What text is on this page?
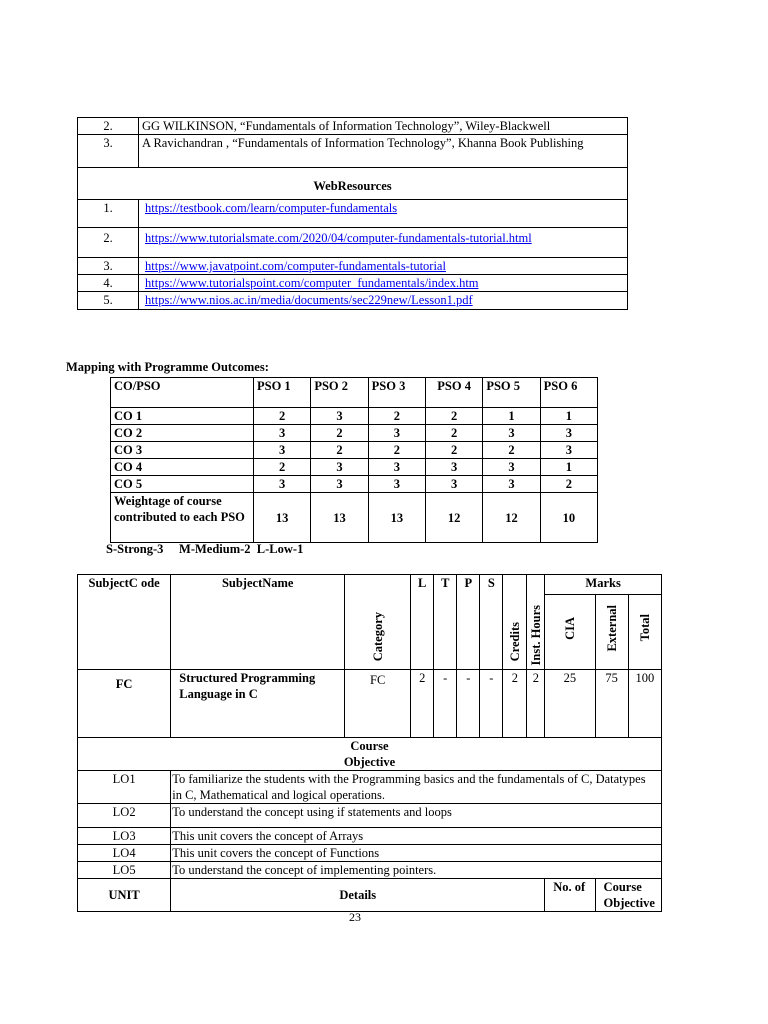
2.	GG WILKINSON, “Fundamentals of Information Technology”, Wiley-Blackwell
3.	A Ravichandran , “Fundamentals of Information Technology”, Khanna Book Publishing
WebResources	
1.	https://testbook.com/learn/computer-fundamentals
2.	https://www.tutorialsmate.com/2020/04/computer-fundamentals-tutorial.html
3.	https://www.javatpoint.com/computer-fundamentals-tutorial
4.	https://www.tutorialspoint.com/computer_fundamentals/index.htm
5.	https://www.nios.ac.in/media/documents/sec229new/Lesson1.pdf
Mapping with Programme Outcomes:
CO/PSO	PSO 1	PSO 2	PSO 3	PSO 4	PSO 5	PSO 6
CO 1	2	3	2	2	1	1
CO 2	3	2	3	2	3	3
CO 3	3	2	2	2	2	3
CO 4	2	3	3	3	3	1
CO 5	3	3	3	3	3	2
Weightage of course contributed to each PSO	13	13	13	12	12	10
S-Strong-3     M-Medium-2  L-Low-1
SubjectC ode	SubjectName	Category	L	T	P	S	Credits	Inst. Hours	Marks		
									CIA	External	Total
FC	Structured Programming Language in C	FC	2	-	-	-	2	2	25	75	100

Course Objective											

LO1	To familiarize the students with the Programming basics and the fundamentals of C, Datatypes in C, Mathematical and logical operations.										
LO2	To understand the concept using if statements and loops										
LO3	This unit covers the concept of Arrays										
LO4	This unit covers the concept of Functions										
LO5	To understand the concept of implementing pointers.										
UNIT	Details								No. of	Course Objective	
23
